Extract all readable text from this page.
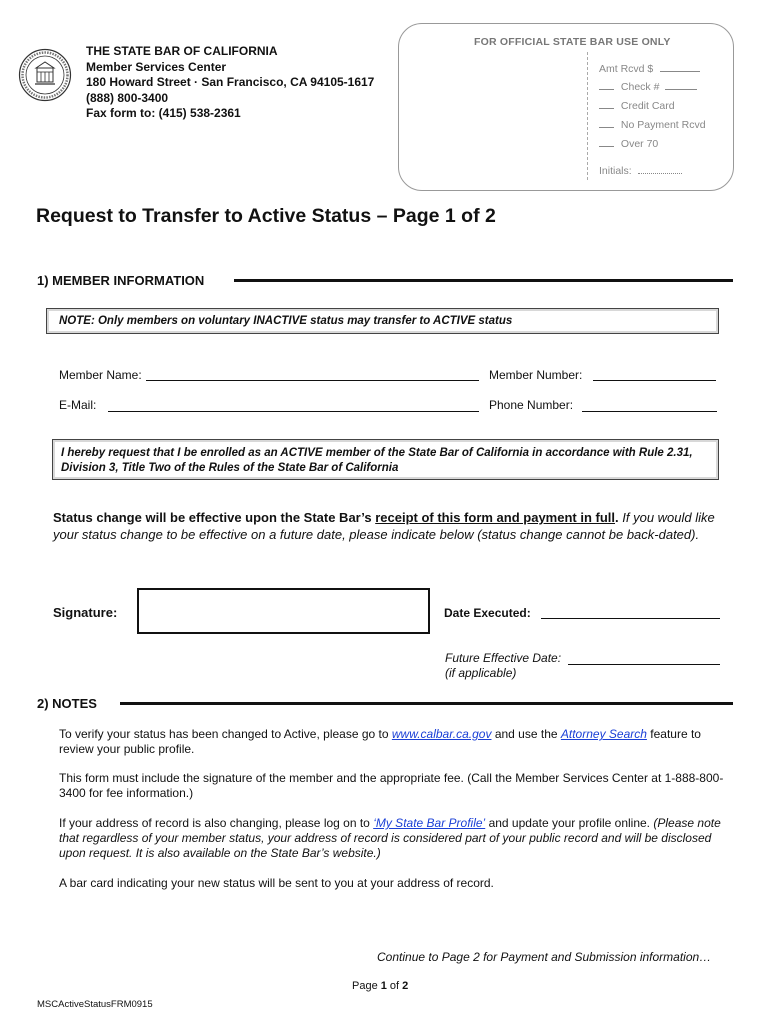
THE STATE BAR OF CALIFORNIA
Member Services Center
180 Howard Street · San Francisco, CA 94105-1617
(888) 800-3400
Fax form to: (415) 538-2361
FOR OFFICIAL STATE BAR USE ONLY
Amt Rcvd $
Check #
Credit Card
No Payment Rcvd
Over 70
Initials:
Request to Transfer to Active Status – Page 1 of 2
1) MEMBER INFORMATION
NOTE: Only members on voluntary INACTIVE status may transfer to ACTIVE status
Member Name:	Member Number:
E-Mail:	Phone Number:
I hereby request that I be enrolled as an ACTIVE member of the State Bar of California in accordance with Rule 2.31, Division 3, Title Two of the Rules of the State Bar of California
Status change will be effective upon the State Bar’s receipt of this form and payment in full. If you would like your status change to be effective on a future date, please indicate below (status change cannot be back-dated).
Signature:	Date Executed:
Future Effective Date:
(if applicable)
2) NOTES
To verify your status has been changed to Active, please go to www.calbar.ca.gov and use the Attorney Search feature to review your public profile.
This form must include the signature of the member and the appropriate fee. (Call the Member Services Center at 1-888-800-3400 for fee information.)
If your address of record is also changing, please log on to ‘My State Bar Profile’ and update your profile online. (Please note that regardless of your member status, your address of record is considered part of your public record and will be disclosed upon request. It is also available on the State Bar’s website.)
A bar card indicating your new status will be sent to you at your address of record.
Continue to Page 2 for Payment and Submission information…
Page 1 of 2
MSCActiveStatusFRM0915
